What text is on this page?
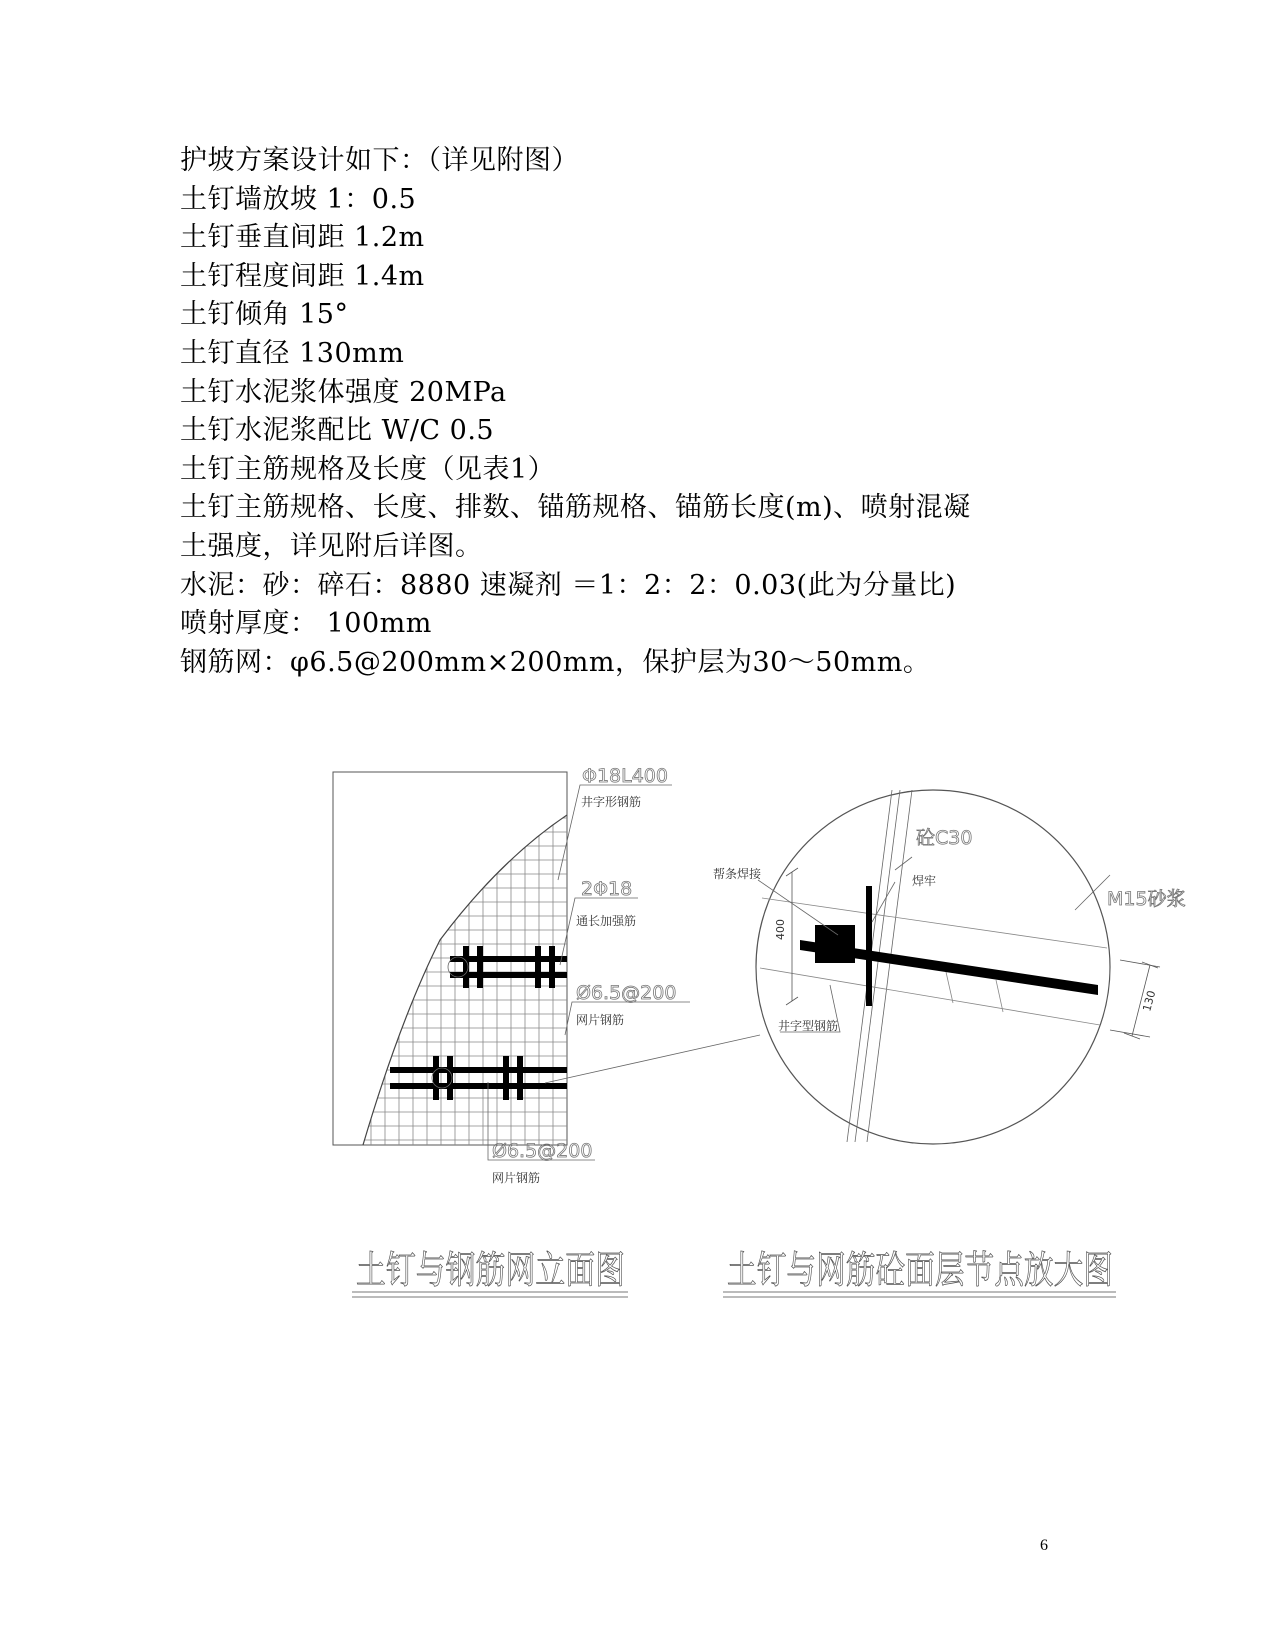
护坡方案设计如下：（详见附图）
土钉墙放坡 1：0.5
土钉垂直间距 1.2m
土钉程度间距 1.4m
土钉倾角 15°
土钉直径 130mm
土钉水泥浆体强度 20MPa
土钉水泥浆配比 W/C 0.5
土钉主筋规格及长度（见表1）
土钉主筋规格、长度、排数、锚筋规格、锚筋长度(m)、喷射混凝
土强度，详见附后详图。
水泥：砂：碎石：8880 速凝剂 ＝1：2：2：0.03(此为分量比)
喷射厚度： 100mm
钢筋网：φ6.5@200mm×200mm，保护层为30～50mm。
Φ18L400
井字形钢筋
2Φ18
通长加强筋
Ø6.5@200
网片钢筋
Ø6.5@200
网片钢筋
土钉与钢筋网立面图
砼C30
帮条焊接	焊牢
M15砂浆
400
130
井字型钢筋
土钉与网筋砼面层节点放大图
6
